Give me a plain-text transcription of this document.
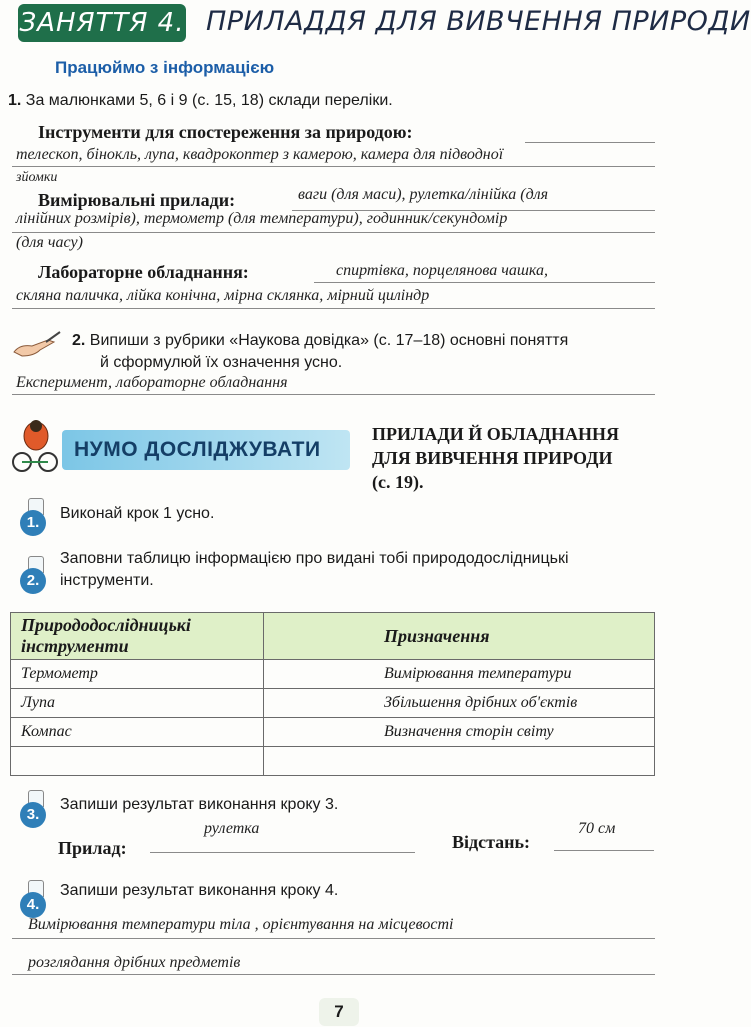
ЗАНЯТТЯ 4. ПРИЛАДДЯ ДЛЯ ВИВЧЕННЯ ПРИРОДИ
Працюймо з інформацією
1. За малюнками 5, 6 і 9 (с. 15, 18) склади переліки.
Інструменти для спостереження за природою:
телескоп, бінокль, лупа, квадрокоптер з камерою, камера для підводної
зйомки
Вимірювальні прилади:	ваги (для маси), рулетка/лінійка (для
лінійних розмірів), термометр (для температури), годинник/секундомір
(для часу)
Лабораторне обладнання:	спиртівка, порцелянова чашка,
скляна паличка, лійка конічна, мірна склянка, мірний циліндр
2. Випиши з рубрики «Наукова довідка» (с. 17–18) основні поняття
й сформулюй їх означення усно.
Експеримент, лабораторне обладнання
НУМО ДОСЛІДЖУВАТИ
ПРИЛАДИ Й ОБЛАДНАННЯ
ДЛЯ ВИВЧЕННЯ ПРИРОДИ
(с. 19).
1.
Виконай крок 1 усно.
2.
Заповни таблицю інформацією про видані тобі природодослідницькі
інструменти.
Природодослідницькі інструменти	Призначення
Термометр	Вимірювання температури
Лупа	Збільшення дрібних об'єктів
Компас	Визначення сторін світу

3.
Запиши результат виконання кроку 3.
Прилад:
рулетка
Відстань:
70 см
4.
Запиши результат виконання кроку 4.
Вимірювання температури тіла , орієнтування на місцевості
розглядання дрібних предметів
7
